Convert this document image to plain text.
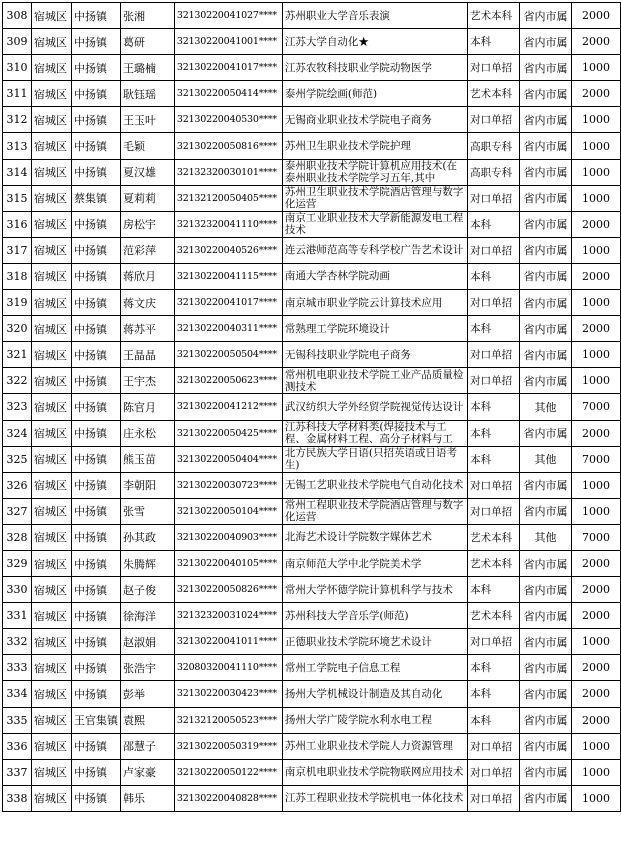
308	宿城区	中扬镇	张湘	32130220041027****	苏州职业大学音乐表演	艺术本科	省内市属	2000
309	宿城区	中扬镇	葛研	32130220041001****	江苏大学自动化★	本科	省内市属	2000
310	宿城区	中扬镇	王璐楠	32130220041017****	江苏农牧科技职业学院动物医学	对口单招	省内市属	1000
311	宿城区	中扬镇	耿钰瑶	32130220050414****	泰州学院绘画(师范)	艺术本科	省内市属	2000
312	宿城区	中扬镇	王玉叶	32130220040530****	无锡商业职业技术学院电子商务	对口单招	省内市属	1000
313	宿城区	中扬镇	毛颖	32130220050816****	苏州卫生职业技术学院护理	高职专科	省内市属	1000
314	宿城区	中扬镇	夏汉雄	32132320030101****	泰州职业技术学院计算机应用技术(在泰州职业技术学院学习五年,其中	高职专科	省内市属	1000
315	宿城区	蔡集镇	夏莉莉	32132120050405****	苏州卫生职业技术学院酒店管理与数字化运营	对口单招	省内市属	1000
316	宿城区	中扬镇	房松宇	32132320041110****	南京工业职业技术大学新能源发电工程技术	本科	省内市属	2000
317	宿城区	中扬镇	范彩萍	32130220040526****	连云港师范高等专科学校广告艺术设计	对口单招	省内市属	1000
318	宿城区	中扬镇	蒋欣月	32130220041115****	南通大学杏林学院动画	本科	省内市属	2000
319	宿城区	中扬镇	蒋文庆	32130220041017****	南京城市职业学院云计算技术应用	对口单招	省内市属	1000
320	宿城区	中扬镇	蒋苏平	32130220040311****	常熟理工学院环境设计	本科	省内市属	2000
321	宿城区	中扬镇	王晶晶	32130220050504****	无锡科技职业学院电子商务	对口单招	省内市属	1000
322	宿城区	中扬镇	王宇杰	32130220050623****	常州机电职业技术学院工业产品质量检测技术	对口单招	省内市属	1000
323	宿城区	中扬镇	陈官月	32130220041212****	武汉纺织大学外经贸学院视觉传达设计	本科	其他	7000
324	宿城区	中扬镇	庄永松	32130220050425****	江苏科技大学材料类(焊接技术与工程、金属材料工程、高分子材料与工	本科	省内市属	2000
325	宿城区	中扬镇	熊玉苗	32130220050404****	北方民族大学日语(只招英语或日语考生)	本科	其他	7000
326	宿城区	中扬镇	李朝阳	32130220030723****	无锡工艺职业技术学院电气自动化技术	对口单招	省内市属	1000
327	宿城区	中扬镇	张雪	32130220050104****	常州工程职业技术学院酒店管理与数字化运营	对口单招	省内市属	1000
328	宿城区	中扬镇	孙其政	32130220040903****	北海艺术设计学院数字媒体艺术	艺术本科	其他	7000
329	宿城区	中扬镇	朱腾辉	32130220040105****	南京师范大学中北学院美术学	艺术本科	省内市属	2000
330	宿城区	中扬镇	赵子俊	32130220050826****	常州大学怀德学院计算机科学与技术	本科	省内市属	2000
331	宿城区	中扬镇	徐海洋	32132320031024****	苏州科技大学音乐学(师范)	艺术本科	省内市属	2000
332	宿城区	中扬镇	赵淑娟	32130220041011****	正德职业技术学院环境艺术设计	对口单招	省内市属	1000
333	宿城区	中扬镇	张浩宇	32080320041110****	常州工学院电子信息工程	本科	省内市属	2000
334	宿城区	中扬镇	彭举	32130220030423****	扬州大学机械设计制造及其自动化	本科	省内市属	2000
335	宿城区	王官集镇	袁熙	32132120050523****	扬州大学广陵学院水利水电工程	本科	省内市属	2000
336	宿城区	中扬镇	邵慧子	32130220050319****	苏州工业职业技术学院人力资源管理	对口单招	省内市属	1000
337	宿城区	中扬镇	卢家豪	32130220050122****	南京机电职业技术学院物联网应用技术	对口单招	省内市属	1000
338	宿城区	中扬镇	韩乐	32130220040828****	江苏工程职业技术学院机电一体化技术	对口单招	省内市属	1000
